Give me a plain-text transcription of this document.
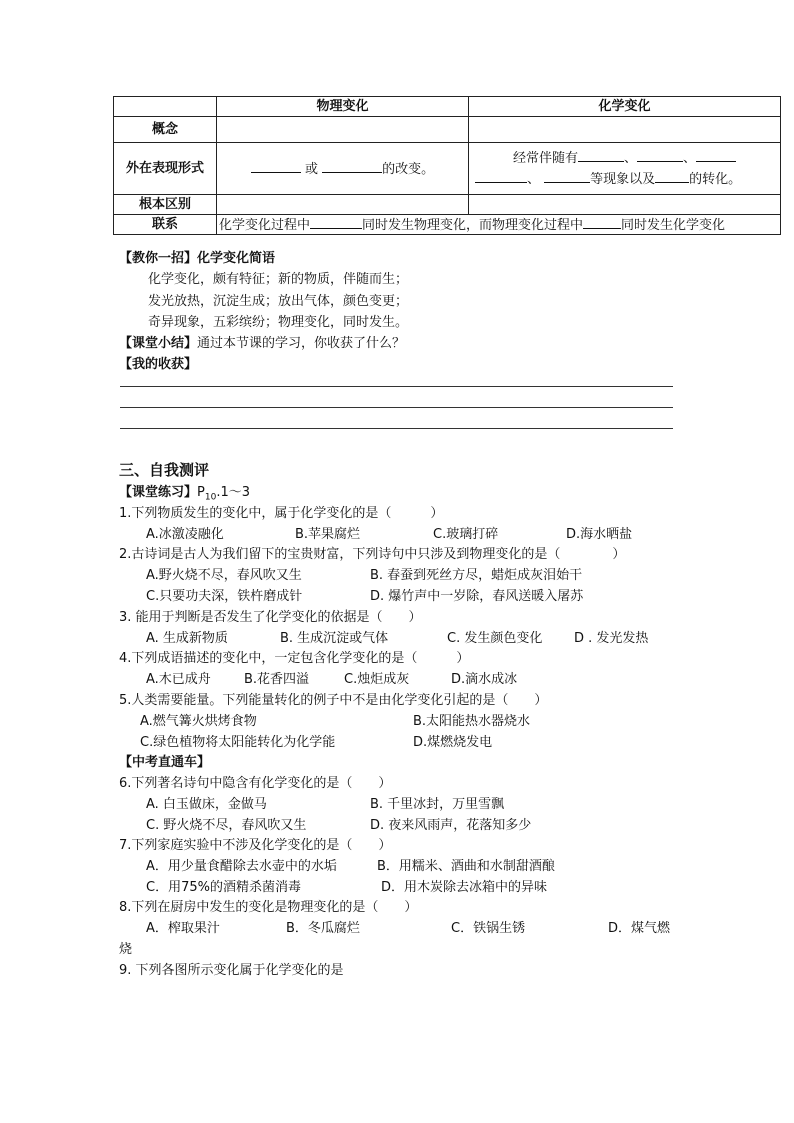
	物理变化	化学变化
概念		
外在表现形式	或 的改变。	经常伴随有 、 、
、 等现象以及 的转化。

根本区别		
联系	化学变化过程中 同时发生物理变化，而物理变化过程中 同时发生化学变化	
【教你一招】化学变化简语
化学变化，颇有特征；新的物质，伴随而生；
发光放热，沉淀生成；放出气体，颜色变更；
奇异现象，五彩缤纷；物理变化，同时发生。
【课堂小结】通过本节课的学习，你收获了什么？
【我的收获】
三、自我测评
【课堂练习】$P_{10}.1\sim 3$
1.下列物质发生的变化中，属于化学变化的是（　　　）
A.冰激凌融化	B.苹果腐烂	C.玻璃打碎	D.海水晒盐
2.古诗词是古人为我们留下的宝贵财富，下列诗句中只涉及到物理变化的是（　　　　）
A.野火烧不尽，春风吹又生	B. 春蚕到死丝方尽，蜡炬成灰泪始干
C.只要功夫深，铁杵磨成针	D. 爆竹声中一岁除，春风送暖入屠苏
3. 能用于判断是否发生了化学变化的依据是（　　）
A. 生成新物质	B. 生成沉淀或气体	C. 发生颜色变化 D . 发光发热
4.下列成语描述的变化中，一定包含化学变化的是（　　　）
A.木已成舟	B.花香四溢	C.烛炬成灰	D.滴水成冰
5.人类需要能量。下列能量转化的例子中不是由化学变化引起的是（　　）
A.燃气篝火烘烤食物	B.太阳能热水器烧水
C.绿色植物将太阳能转化为化学能	D.煤燃烧发电
【中考直通车】
6.下列著名诗句中隐含有化学变化的是（　　）
A. 白玉做床，金做马	B. 千里冰封，万里雪飘
C. 野火烧不尽，春风吹又生	D. 夜来风雨声，花落知多少
7.下列家庭实验中不涉及化学变化的是（　　）
A．用少量食醋除去水壶中的水垢	B．用糯米、酒曲和水制甜酒酿
C．用75%的酒精杀菌消毒	D．用木炭除去冰箱中的异味
8.下列在厨房中发生的变化是物理变化的是（　　）
A．榨取果汁	B．冬瓜腐烂	C．铁锅生锈	D．煤气燃
烧
9. 下列各图所示变化属于化学变化的是
